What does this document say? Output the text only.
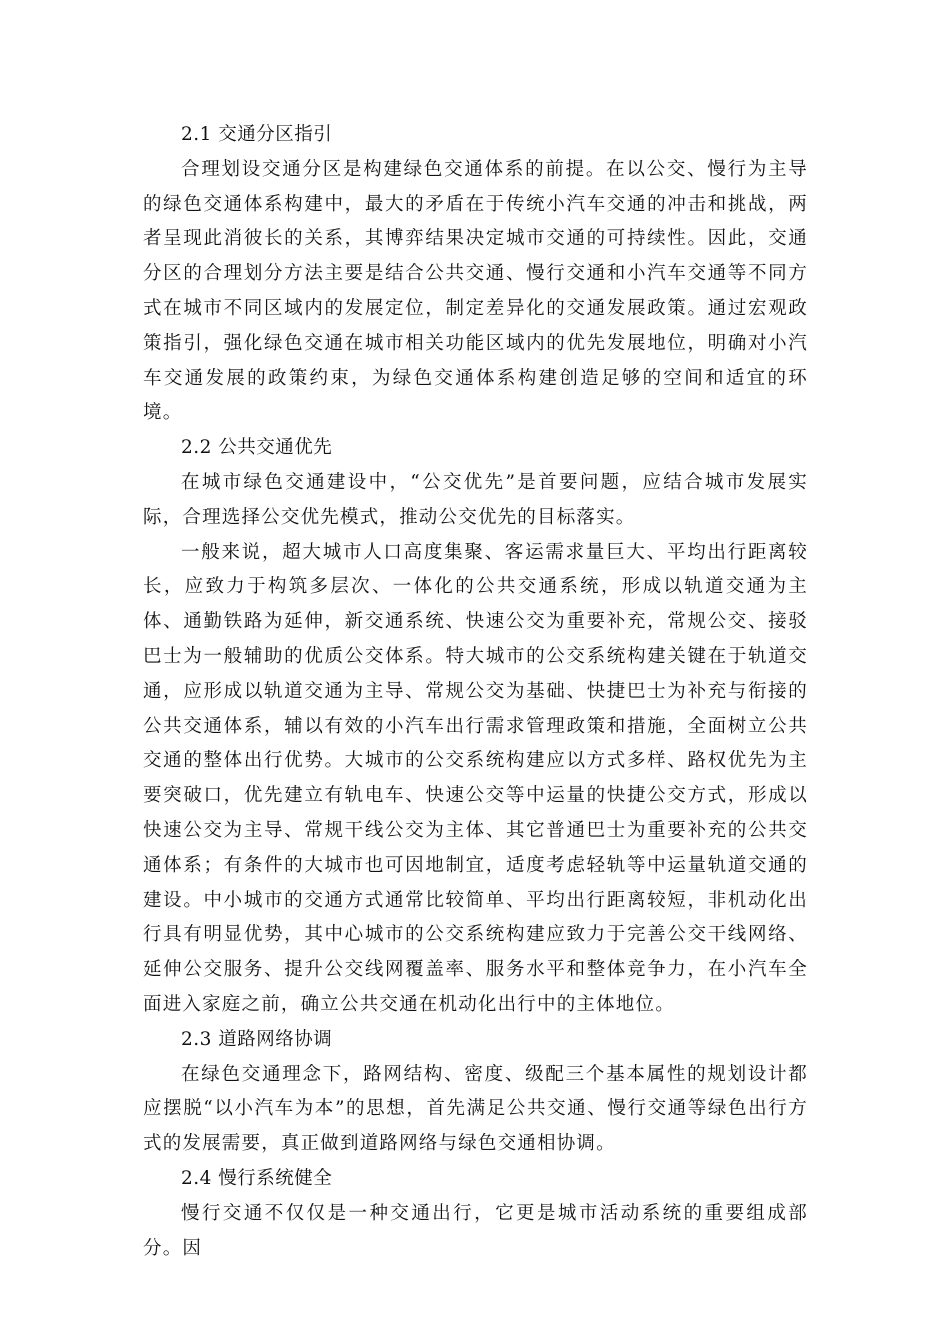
2.1 交通分区指引

合理划设交通分区是构建绿色交通体系的前提。在以公交、慢行为主导的绿色交通体系构建中，最大的矛盾在于传统小汽车交通的冲击和挑战，两者呈现此消彼长的关系，其博弈结果决定城市交通的可持续性。因此，交通分区的合理划分方法主要是结合公共交通、慢行交通和小汽车交通等不同方式在城市不同区域内的发展定位，制定差异化的交通发展政策。通过宏观政策指引，强化绿色交通在城市相关功能区域内的优先发展地位，明确对小汽车交通发展的政策约束，为绿色交通体系构建创造足够的空间和适宜的环境。

2.2 公共交通优先

在城市绿色交通建设中，“公交优先”是首要问题，应结合城市发展实际，合理选择公交优先模式，推动公交优先的目标落实。

一般来说，超大城市人口高度集聚、客运需求量巨大、平均出行距离较长，应致力于构筑多层次、一体化的公共交通系统，形成以轨道交通为主体、通勤铁路为延伸，新交通系统、快速公交为重要补充，常规公交、接驳巴士为一般辅助的优质公交体系。特大城市的公交系统构建关键在于轨道交通，应形成以轨道交通为主导、常规公交为基础、快捷巴士为补充与衔接的公共交通体系，辅以有效的小汽车出行需求管理政策和措施，全面树立公共交通的整体出行优势。大城市的公交系统构建应以方式多样、路权优先为主要突破口，优先建立有轨电车、快速公交等中运量的快捷公交方式，形成以快速公交为主导、常规干线公交为主体、其它普通巴士为重要补充的公共交通体系；有条件的大城市也可因地制宜，适度考虑轻轨等中运量轨道交通的建设。中小城市的交通方式通常比较简单、平均出行距离较短，非机动化出行具有明显优势，其中心城市的公交系统构建应致力于完善公交干线网络、延伸公交服务、提升公交线网覆盖率、服务水平和整体竞争力，在小汽车全面进入家庭之前，确立公共交通在机动化出行中的主体地位。

2.3 道路网络协调

在绿色交通理念下，路网结构、密度、级配三个基本属性的规划设计都应摆脱“以小汽车为本”的思想，首先满足公共交通、慢行交通等绿色出行方式的发展需要，真正做到道路网络与绿色交通相协调。

2.4 慢行系统健全

慢行交通不仅仅是一种交通出行，它更是城市活动系统的重要组成部分。因
